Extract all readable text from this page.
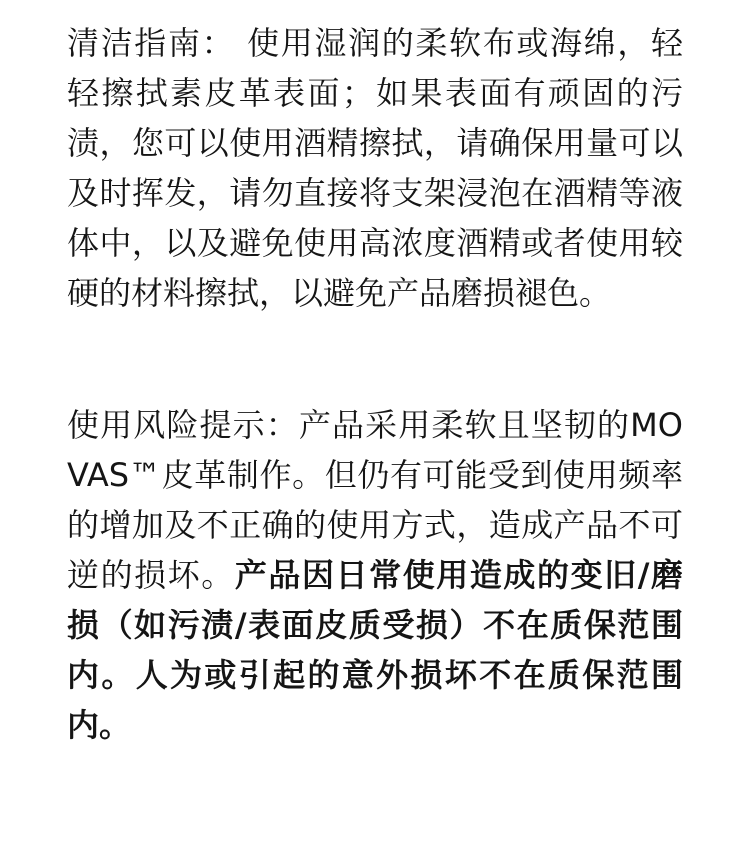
清洁指南： 使用湿润的柔软布或海绵，轻轻擦拭素皮革表面；如果表面有顽固的污渍，您可以使用酒精擦拭，请确保用量可以及时挥发，请勿直接将支架浸泡在酒精等液体中，以及避免使用高浓度酒精或者使用较硬的材料擦拭，以避免产品磨损褪色。

使用风险提示：产品采用柔软且坚韧的MOVAS™皮革制作。但仍有可能受到使用频率的增加及不正确的使用方式，造成产品不可逆的损坏。产品因日常使用造成的变旧/磨损（如污渍/表面皮质受损）不在质保范围内。人为或引起的意外损坏不在质保范围内。
